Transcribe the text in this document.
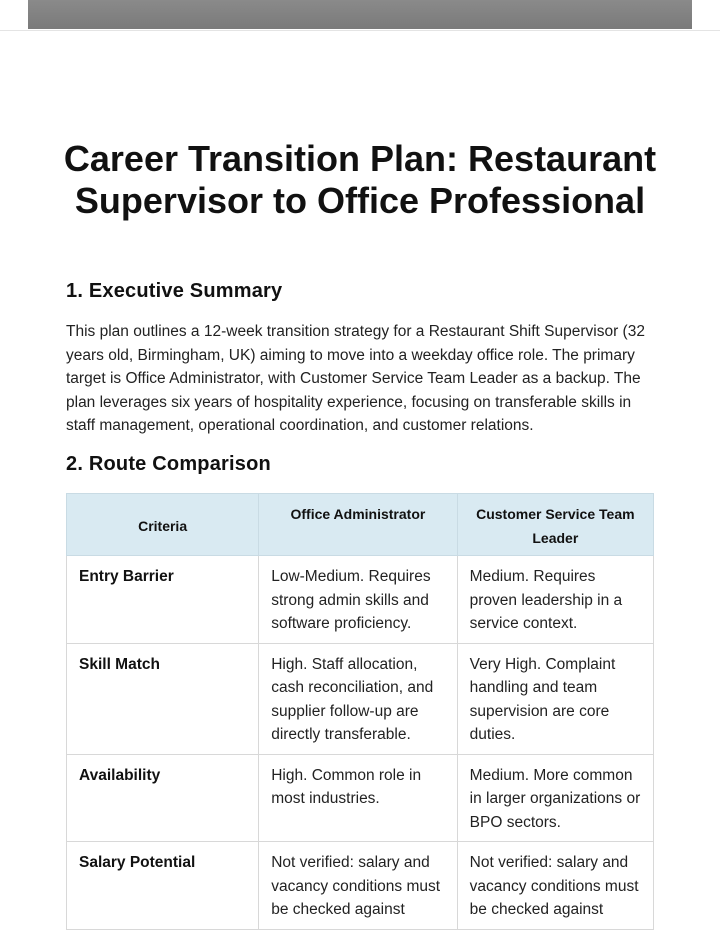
Career Transition Plan: Restaurant Supervisor to Office Professional
1. Executive Summary

This plan outlines a 12-week transition strategy for a Restaurant Shift Supervisor (32 years old, Birmingham, UK) aiming to move into a weekday office role. The primary target is Office Administrator, with Customer Service Team Leader as a backup. The plan leverages six years of hospitality experience, focusing on transferable skills in staff management, operational coordination, and customer relations.

2. Route Comparison
Criteria	Office Administrator	Customer Service Team Leader
Entry Barrier	Low-Medium. Requires strong admin skills and software proficiency.	Medium. Requires proven leadership in a service context.
Skill Match	High. Staff allocation, cash reconciliation, and supplier follow-up are directly transferable.	Very High. Complaint handling and team supervision are core duties.
Availability	High. Common role in most industries.	Medium. More common in larger organizations or BPO sectors.
Salary Potential	Not verified: salary and vacancy conditions must be checked against	Not verified: salary and vacancy conditions must be checked against
